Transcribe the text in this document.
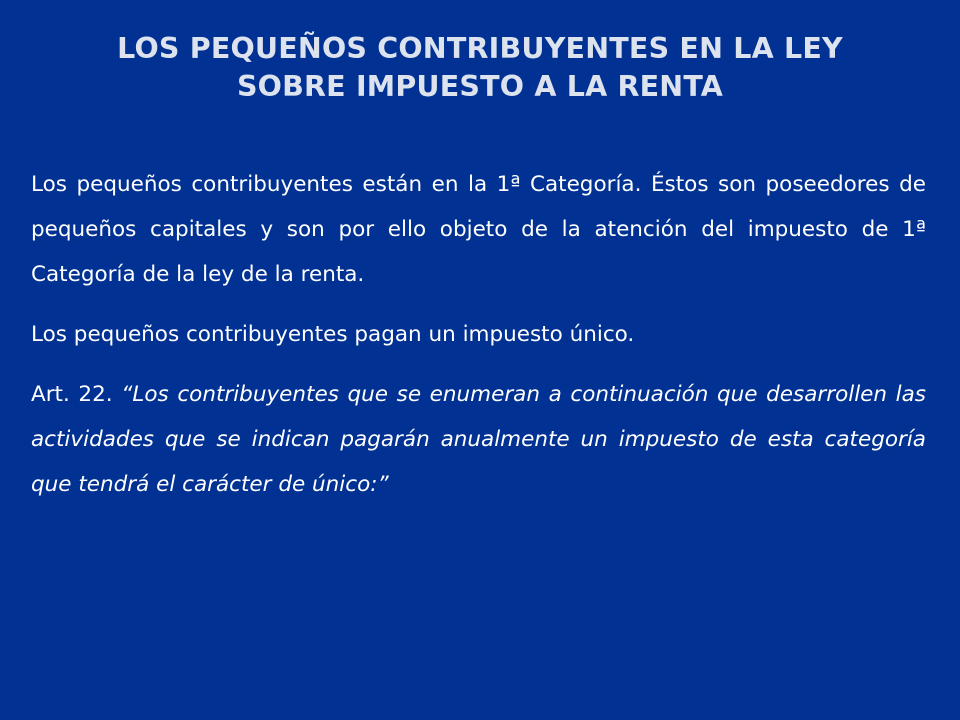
LOS PEQUEÑOS CONTRIBUYENTES EN LA LEY
SOBRE IMPUESTO A LA RENTA

Los pequeños contribuyentes están en la 1ª Categoría. Éstos son poseedores de pequeños capitales y son por ello objeto de la atención del impuesto de 1ª Categoría de la ley de la renta.

Los pequeños contribuyentes pagan un impuesto único.

Art. 22. “Los contribuyentes que se enumeran a continuación que desarrollen las actividades que se indican pagarán anualmente un impuesto de esta categoría que tendrá el carácter de único:”
